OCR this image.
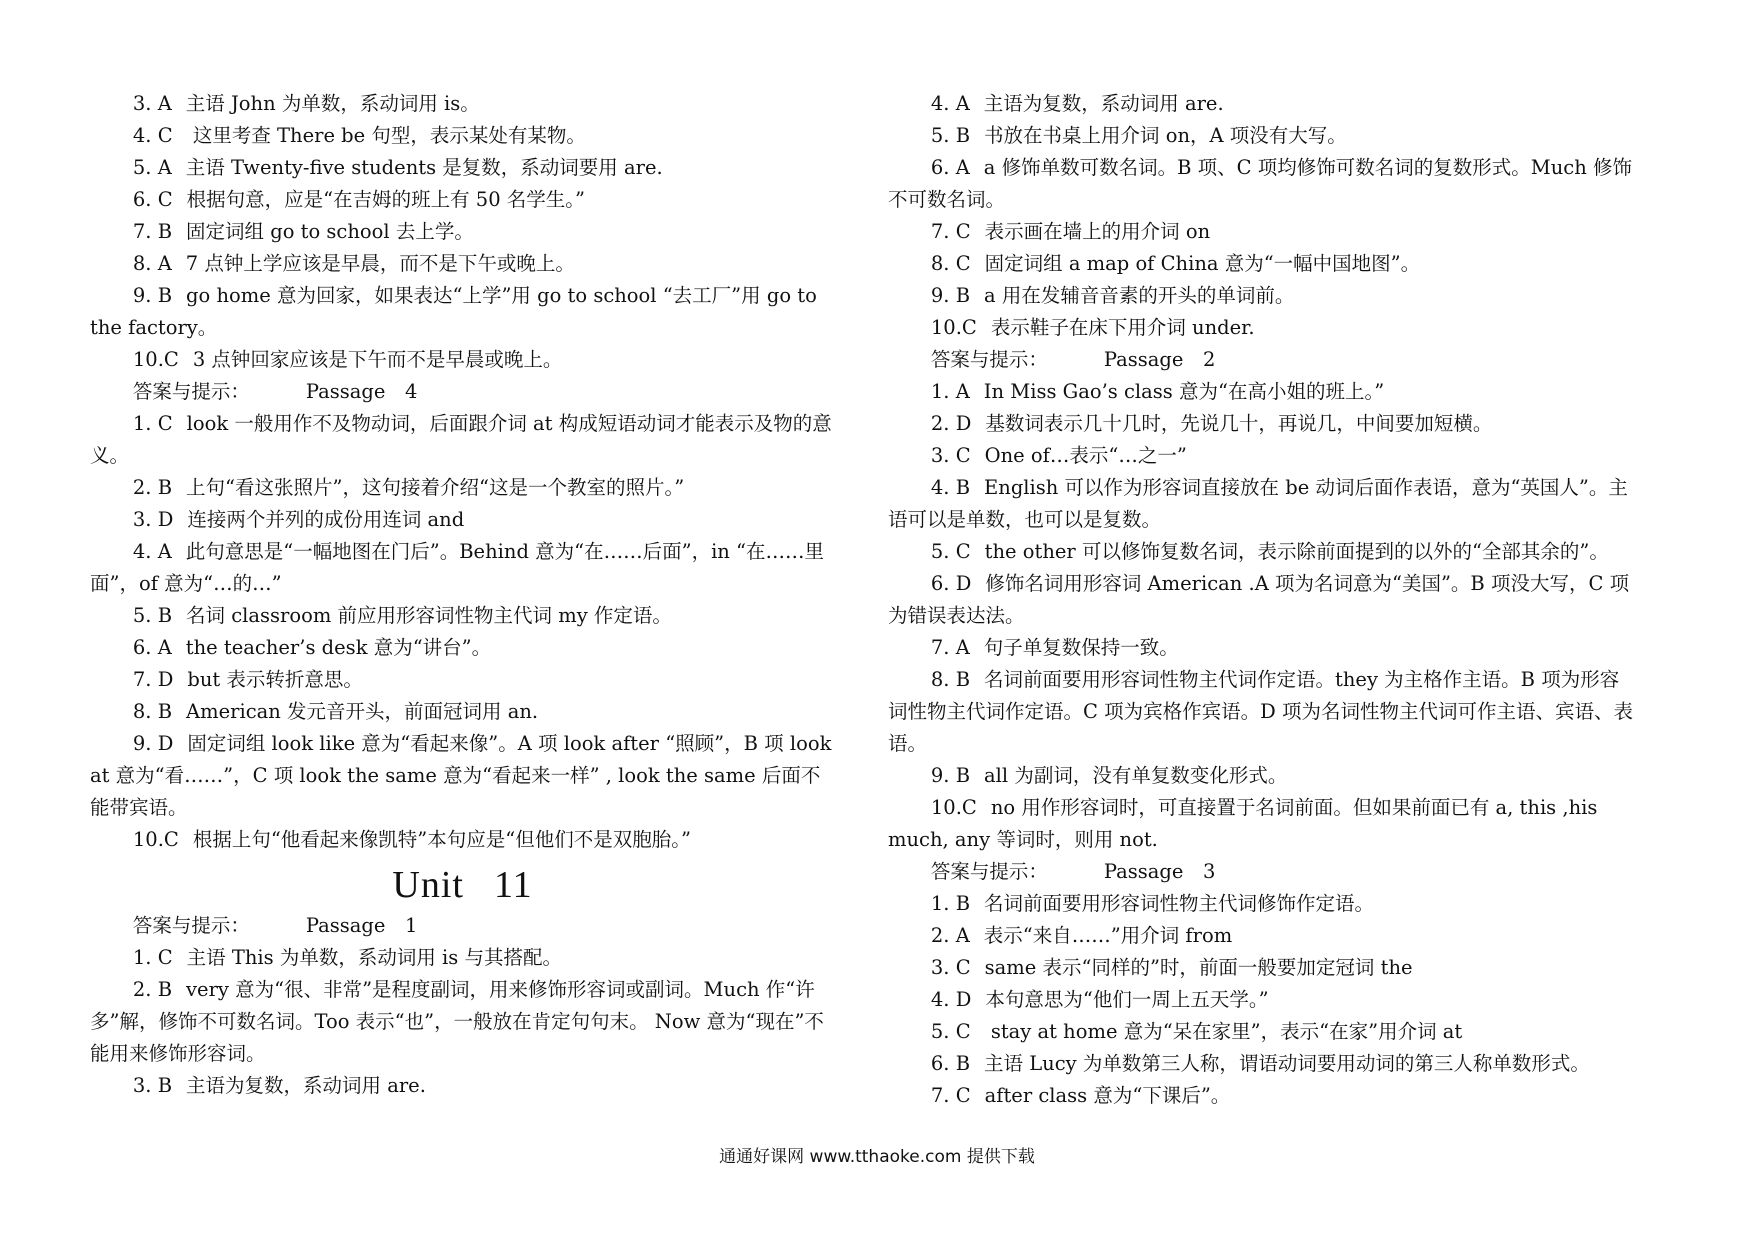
3. A 主语 John 为单数，系动词用 is。

4. C 这里考查 There be 句型，表示某处有某物。

5. A 主语 Twenty-five students 是复数，系动词要用 are.

6. C 根据句意，应是“在吉姆的班上有 50 名学生。”

7. B 固定词组 go to school 去上学。

8. A 7 点钟上学应该是早晨，而不是下午或晚上。

9. B go home 意为回家，如果表达“上学”用 go to school “去工厂”用 go to the factory。

10.C 3 点钟回家应该是下午而不是早晨或晚上。

答案与提示：	Passage　4

1. C look 一般用作不及物动词，后面跟介词 at 构成短语动词才能表示及物的意义。

2. B 上句“看这张照片”，这句接着介绍“这是一个教室的照片。”

3. D 连接两个并列的成份用连词 and

4. A 此句意思是“一幅地图在门后”。Behind 意为“在……后面”，in “在……里面”，of 意为“…的…”

5. B 名词 classroom 前应用形容词性物主代词 my 作定语。

6. A the teacher’s desk 意为“讲台”。

7. D but 表示转折意思。

8. B American 发元音开头，前面冠词用 an.

9. D 固定词组 look like 意为“看起来像”。A 项 look after “照顾”，B 项 look at 意为“看……”，C 项 look the same 意为“看起来一样” , look the same 后面不能带宾语。

10.C 根据上句“他看起来像凯特”本句应是“但他们不是双胞胎。”

Unit 11

答案与提示：	Passage　1

1. C 主语 This 为单数，系动词用 is 与其搭配。

2. B very 意为“很、非常”是程度副词，用来修饰形容词或副词。Much 作“许多”解，修饰不可数名词。Too 表示“也”，一般放在肯定句句末。 Now 意为“现在”不能用来修饰形容词。

3. B 主语为复数，系动词用 are.

4. A 主语为复数，系动词用 are.

5. B 书放在书桌上用介词 on，A 项没有大写。

6. A a 修饰单数可数名词。B 项、C 项均修饰可数名词的复数形式。Much 修饰不可数名词。

7. C 表示画在墙上的用介词 on

8. C 固定词组 a map of China 意为“一幅中国地图”。

9. B a 用在发辅音音素的开头的单词前。

10.C 表示鞋子在床下用介词 under.

答案与提示：	Passage　2

1. A In Miss Gao’s class 意为“在高小姐的班上。”

2. D 基数词表示几十几时，先说几十，再说几，中间要加短横。

3. C One of…表示“…之一”

4. B English 可以作为形容词直接放在 be 动词后面作表语，意为“英国人”。主语可以是单数，也可以是复数。

5. C the other 可以修饰复数名词，表示除前面提到的以外的“全部其余的”。

6. D 修饰名词用形容词 American .A 项为名词意为“美国”。B 项没大写，C 项为错误表达法。

7. A 句子单复数保持一致。

8. B 名词前面要用形容词性物主代词作定语。they 为主格作主语。B 项为形容词性物主代词作定语。C 项为宾格作宾语。D 项为名词性物主代词可作主语、宾语、表语。

9. B all 为副词，没有单复数变化形式。

10.C no 用作形容词时，可直接置于名词前面。但如果前面已有 a, this ,his much, any 等词时，则用 not.

答案与提示：	Passage　3

1. B 名词前面要用形容词性物主代词修饰作定语。

2. A 表示“来自……”用介词 from

3. C same 表示“同样的”时，前面一般要加定冠词 the

4. D 本句意思为“他们一周上五天学。”

5. C stay at home 意为“呆在家里”，表示“在家”用介词 at

6. B 主语 Lucy 为单数第三人称，谓语动词要用动词的第三人称单数形式。

7. C after class 意为“下课后”。

通通好课网 www.tthaoke.com 提供下载
